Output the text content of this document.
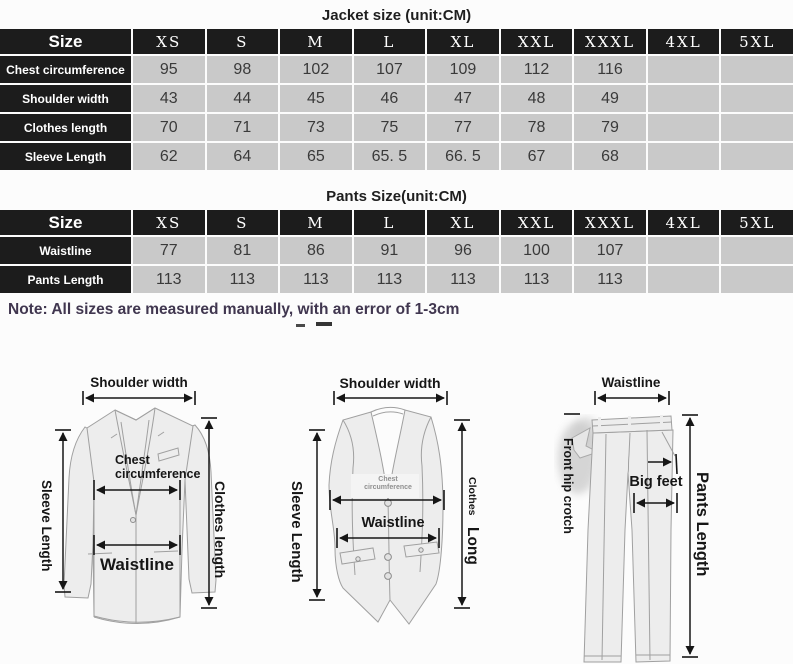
Jacket size (unit:CM)
Size	XS	S	M	L	XL	XXL	XXXL	4XL	5XL
Chest circumference	95	98	102	107	109	112	116		
Shoulder width	43	44	45	46	47	48	49		
Clothes length	70	71	73	75	77	78	79		
Sleeve Length	62	64	65	65. 5	66. 5	67	68		
Pants Size(unit:CM)
Size	XS	S	M	L	XL	XXL	XXXL	4XL	5XL
Waistline	77	81	86	91	96	100	107		
Pants Length	113	113	113	113	113	113	113		
Note: All sizes are measured manually, with an error of 1-3cm
Shoulder width
Sleeve Length	Clothes length
Chest
circumference
Waistline
Shoulder width
Sleeve Length	Clothes Long
Chest
circumference
Waistline
Waistline
Front hip crotch	Big feet Pants Length
